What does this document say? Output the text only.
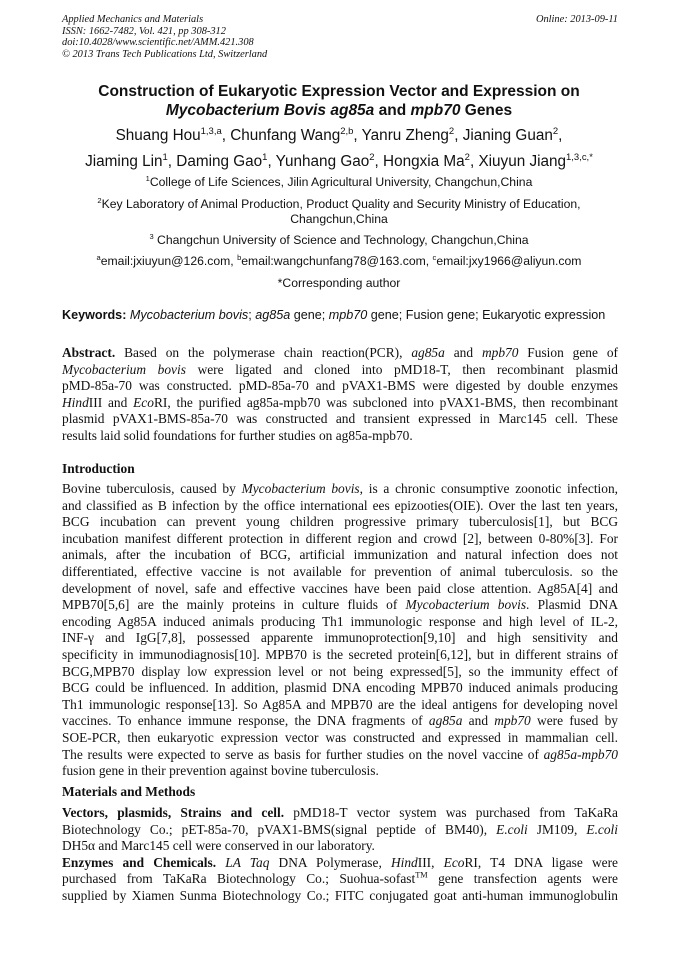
Applied Mechanics and Materials	Online: 2013-09-11
ISSN: 1662-7482, Vol. 421, pp 308-312
doi:10.4028/www.scientific.net/AMM.421.308
© 2013 Trans Tech Publications Ltd, Switzerland
Construction of Eukaryotic Expression Vector and Expression on
Mycobacterium Bovis ag85a and mpb70 Genes
Shuang Hou$^{1,3,a}$, Chunfang Wang$^{2,b}$, Yanru Zheng$^2$, Jianing Guan$^2$,
Jiaming Lin$^1$, Daming Gao$^1$, Yunhang Gao$^2$, Hongxia Ma$^2$, Xiuyun Jiang$^{1,3,c,*}$
$^1$College of Life Sciences, Jilin Agricultural University, Changchun,China
$^2$Key Laboratory of Animal Production, Product Quality and Security Ministry of Education,
Changchun,China
$^3$ Changchun University of Science and Technology, Changchun,China
$^a$email:jxiuyun@126.com, $^b$email:wangchunfang78@163.com, $^c$email:jxy1966@aliyun.com
*Corresponding author
Keywords: Mycobacterium bovis; ag85a gene; mpb70 gene; Fusion gene; Eukaryotic expression
Abstract. Based on the polymerase chain reaction(PCR), ag85a and mpb70 Fusion gene of
Mycobacterium bovis were ligated and cloned into pMD18-T, then recombinant plasmid
pMD-85a-70 was constructed. pMD-85a-70 and pVAX1-BMS were digested by double enzymes
HindIII and EcoRI, the purified ag85a-mpb70 was subcloned into pVAX1-BMS, then recombinant
plasmid pVAX1-BMS-85a-70 was constructed and transient expressed in Marc145 cell. These
results laid solid foundations for further studies on ag85a-mpb70.
Introduction
Bovine tuberculosis, caused by Mycobacterium bovis, is a chronic consumptive zoonotic infection,
and classified as B infection by the office international ees epizooties(OIE). Over the last ten years,
BCG incubation can prevent young children progressive primary tuberculosis[1], but BCG
incubation manifest different protection in different region and crowd [2], between 0-80%[3]. For
animals, after the incubation of BCG, artificial immunization and natural infection does not
differentiated, effective vaccine is not available for prevention of animal tuberculosis. so the
development of novel, safe and effective vaccines have been paid close attention. Ag85A[4] and
MPB70[5,6] are the mainly proteins in culture fluids of Mycobacterium bovis. Plasmid DNA
encoding Ag85A induced animals producing Th1 immunologic response and high level of IL-2,
INF-γ and IgG[7,8], possessed apparente immunoprotection[9,10] and high sensitivity and
specificity in immunodiagnosis[10]. MPB70 is the secreted protein[6,12], but in different strains of
BCG,MPB70 display low expression level or not being expressed[5], so the immunity effect of
BCG could be influenced. In addition, plasmid DNA encoding MPB70 induced animals producing
Th1 immunologic response[13]. So Ag85A and MPB70 are the ideal antigens for developing novel
vaccines. To enhance immune response, the DNA fragments of ag85a and mpb70 were fused by
SOE-PCR, then eukaryotic expression vector was constructed and expressed in mammalian cell.
The results were expected to serve as basis for further studies on the novel vaccine of ag85a-mpb70
fusion gene in their prevention against bovine tuberculosis.
Materials and Methods
Vectors, plasmids, Strains and cell. pMD18-T vector system was purchased from TaKaRa
Biotechnology Co.; pET-85a-70, pVAX1-BMS(signal peptide of BM40), E.coli JM109, E.coli
DH5α and Marc145 cell were conserved in our laboratory.
Enzymes and Chemicals. LA Taq DNA Polymerase, HindIII, EcoRI, T4 DNA ligase were
purchased from TaKaRa Biotechnology Co.; Suohua-sofast™ gene transfection agents were
supplied by Xiamen Sunma Biotechnology Co.; FITC conjugated goat anti-human immunoglobulin
